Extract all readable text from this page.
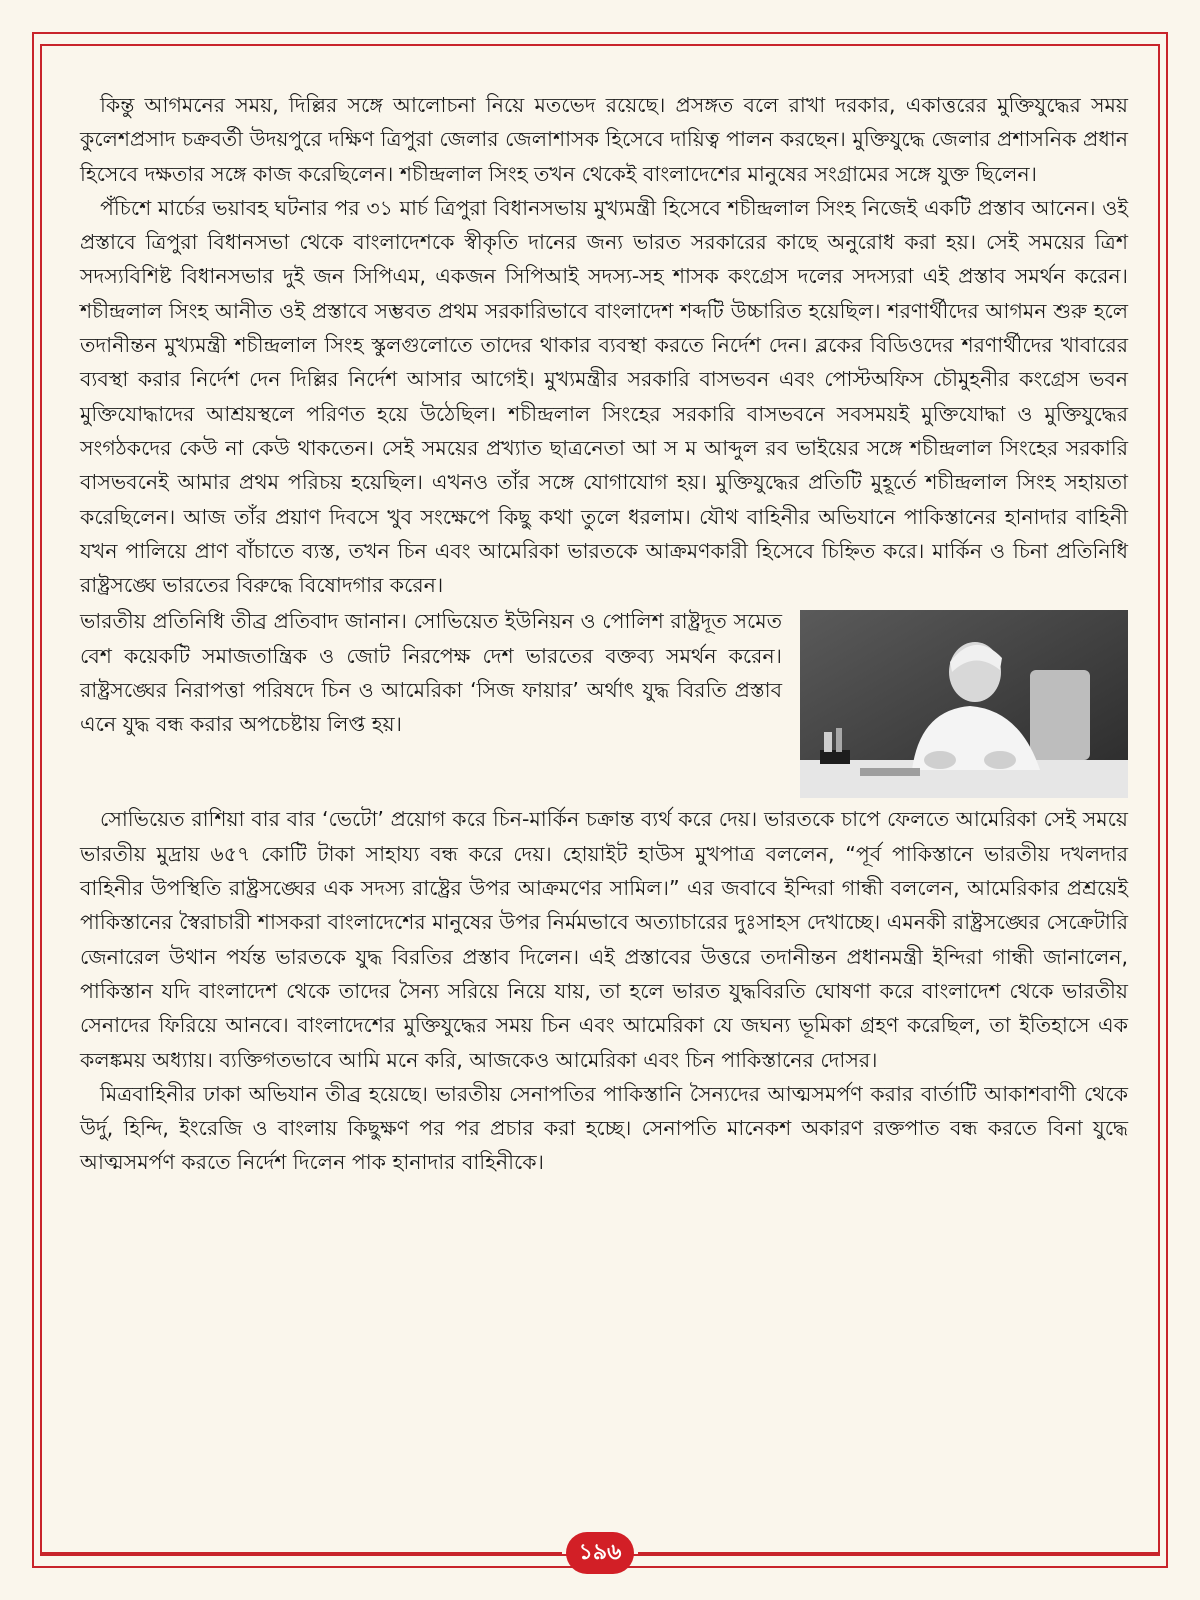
কিন্তু আগমনের সময়, দিল্লির সঙ্গে আলোচনা নিয়ে মতভেদ রয়েছে। প্রসঙ্গত বলে রাখা দরকার, একাত্তরের মুক্তিযুদ্ধের সময় কুলেশপ্রসাদ চক্রবর্তী উদয়পুরে দক্ষিণ ত্রিপুরা জেলার জেলাশাসক হিসেবে দায়িত্ব পালন করছেন। মুক্তিযুদ্ধে জেলার প্রশাসনিক প্রধান হিসেবে দক্ষতার সঙ্গে কাজ করেছিলেন। শচীন্দ্রলাল সিংহ তখন থেকেই বাংলাদেশের মানুষের সংগ্রামের সঙ্গে যুক্ত ছিলেন।

পঁচিশে মার্চের ভয়াবহ ঘটনার পর ৩১ মার্চ ত্রিপুরা বিধানসভায় মুখ্যমন্ত্রী হিসেবে শচীন্দ্রলাল সিংহ নিজেই একটি প্রস্তাব আনেন। ওই প্রস্তাবে ত্রিপুরা বিধানসভা থেকে বাংলাদেশকে স্বীকৃতি দানের জন্য ভারত সরকারের কাছে অনুরোধ করা হয়। সেই সময়ের ত্রিশ সদস্যবিশিষ্ট বিধানসভার দুই জন সিপিএম, একজন সিপিআই সদস্য-সহ শাসক কংগ্রেস দলের সদস্যরা এই প্রস্তাব সমর্থন করেন। শচীন্দ্রলাল সিংহ আনীত ওই প্রস্তাবে সম্ভবত প্রথম সরকারিভাবে বাংলাদেশ শব্দটি উচ্চারিত হয়েছিল। শরণার্থীদের আগমন শুরু হলে তদানীন্তন মুখ্যমন্ত্রী শচীন্দ্রলাল সিংহ স্কুলগুলোতে তাদের থাকার ব্যবস্থা করতে নির্দেশ দেন। ব্লকের বিডিওদের শরণার্থীদের খাবারের ব্যবস্থা করার নির্দেশ দেন দিল্লির নির্দেশ আসার আগেই। মুখ্যমন্ত্রীর সরকারি বাসভবন এবং পোস্টঅফিস চৌমুহনীর কংগ্রেস ভবন মুক্তিযোদ্ধাদের আশ্রয়স্থলে পরিণত হয়ে উঠেছিল। শচীন্দ্রলাল সিংহের সরকারি বাসভবনে সবসময়ই মুক্তিযোদ্ধা ও মুক্তিযুদ্ধের সংগঠকদের কেউ না কেউ থাকতেন। সেই সময়ের প্রখ্যাত ছাত্রনেতা আ স ম আব্দুল রব ভাইয়ের সঙ্গে শচীন্দ্রলাল সিংহের সরকারি বাসভবনেই আমার প্রথম পরিচয় হয়েছিল। এখনও তাঁর সঙ্গে যোগাযোগ হয়। মুক্তিযুদ্ধের প্রতিটি মুহূর্তে শচীন্দ্রলাল সিংহ সহায়তা করেছিলেন। আজ তাঁর প্রয়াণ দিবসে খুব সংক্ষেপে কিছু কথা তুলে ধরলাম। যৌথ বাহিনীর অভিযানে পাকিস্তানের হানাদার বাহিনী যখন পালিয়ে প্রাণ বাঁচাতে ব্যস্ত, তখন চিন এবং আমেরিকা ভারতকে আক্রমণকারী হিসেবে চিহ্নিত করে। মার্কিন ও চিনা প্রতিনিধি রাষ্ট্রসঙ্ঘে ভারতের বিরুদ্ধে বিষোদগার করেন।

ভারতীয় প্রতিনিধি তীব্র প্রতিবাদ জানান। সোভিয়েত ইউনিয়ন ও পোলিশ রাষ্ট্রদূত সমেত বেশ কয়েকটি সমাজতান্ত্রিক ও জোট নিরপেক্ষ দেশ ভারতের বক্তব্য সমর্থন করেন। রাষ্ট্রসঙ্ঘের নিরাপত্তা পরিষদে চিন ও আমেরিকা ‘সিজ ফায়ার’ অর্থাৎ যুদ্ধ বিরতি প্রস্তাব এনে যুদ্ধ বন্ধ করার অপচেষ্টায় লিপ্ত হয়।

সোভিয়েত রাশিয়া বার বার ‘ভেটো’ প্রয়োগ করে চিন-মার্কিন চক্রান্ত ব্যর্থ করে দেয়। ভারতকে চাপে ফেলতে আমেরিকা সেই সময়ে ভারতীয় মুদ্রায় ৬৫৭ কোটি টাকা সাহায্য বন্ধ করে দেয়। হোয়াইট হাউস মুখপাত্র বললেন, “পূর্ব পাকিস্তানে ভারতীয় দখলদার বাহিনীর উপস্থিতি রাষ্ট্রসঙ্ঘের এক সদস্য রাষ্ট্রের উপর আক্রমণের সামিল।” এর জবাবে ইন্দিরা গান্ধী বললেন, আমেরিকার প্রশ্রয়েই পাকিস্তানের স্বৈরাচারী শাসকরা বাংলাদেশের মানুষের উপর নির্মমভাবে অত্যাচারের দুঃসাহস দেখাচ্ছে। এমনকী রাষ্ট্রসঙ্ঘের সেক্রেটারি জেনারেল উথান পর্যন্ত ভারতকে যুদ্ধ বিরতির প্রস্তাব দিলেন। এই প্রস্তাবের উত্তরে তদানীন্তন প্রধানমন্ত্রী ইন্দিরা গান্ধী জানালেন, পাকিস্তান যদি বাংলাদেশ থেকে তাদের সৈন্য সরিয়ে নিয়ে যায়, তা হলে ভারত যুদ্ধবিরতি ঘোষণা করে বাংলাদেশ থেকে ভারতীয় সেনাদের ফিরিয়ে আনবে। বাংলাদেশের মুক্তিযুদ্ধের সময় চিন এবং আমেরিকা যে জঘন্য ভূমিকা গ্রহণ করেছিল, তা ইতিহাসে এক কলঙ্কময় অধ্যায়। ব্যক্তিগতভাবে আমি মনে করি, আজকেও আমেরিকা এবং চিন পাকিস্তানের দোসর।

মিত্রবাহিনীর ঢাকা অভিযান তীব্র হয়েছে। ভারতীয় সেনাপতির পাকিস্তানি সৈন্যদের আত্মসমর্পণ করার বার্তাটি আকাশবাণী থেকে উর্দু, হিন্দি, ইংরেজি ও বাংলায় কিছুক্ষণ পর পর প্রচার করা হচ্ছে। সেনাপতি মানেকশ অকারণ রক্তপাত বন্ধ করতে বিনা যুদ্ধে আত্মসমর্পণ করতে নির্দেশ দিলেন পাক হানাদার বাহিনীকে।

১৯৬
